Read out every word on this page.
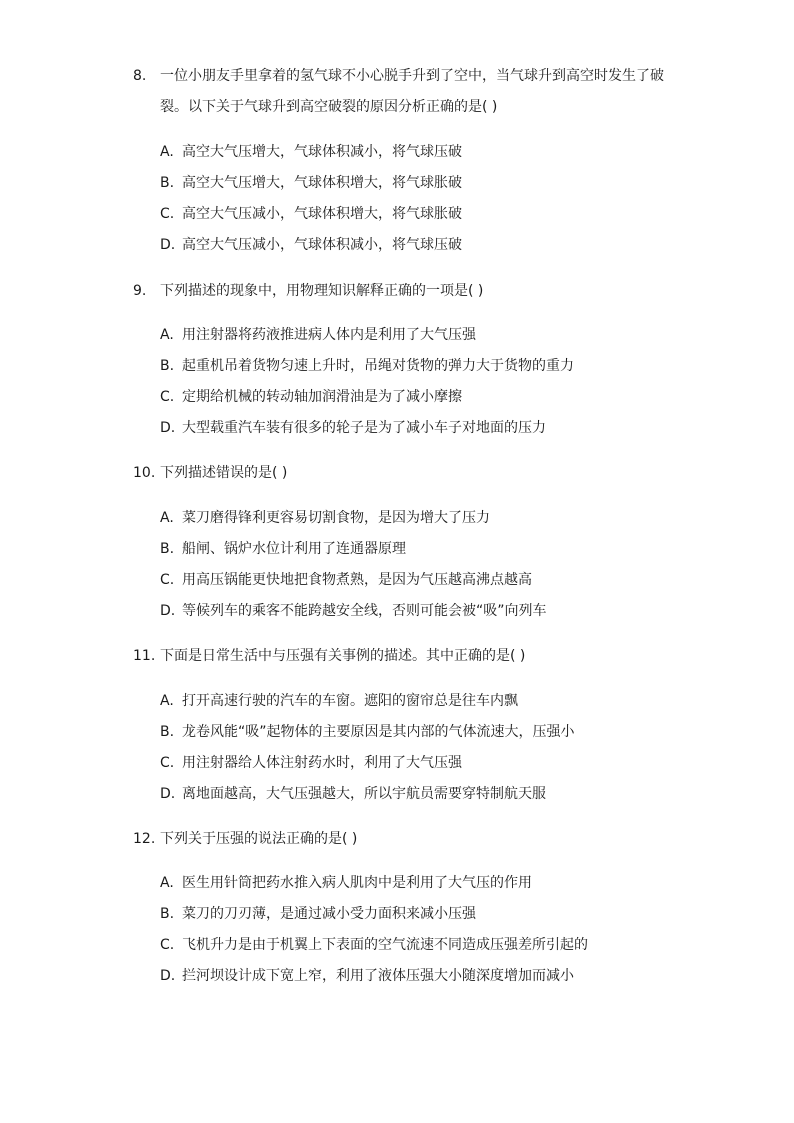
8. 一位小朋友手里拿着的氢气球不小心脱手升到了空中，当气球升到高空时发生了破
裂。以下关于气球升到高空破裂的原因分析正确的是( )
A. 高空大气压增大，气球体积减小，将气球压破
B. 高空大气压增大，气球体积增大，将气球胀破
C. 高空大气压减小，气球体积增大，将气球胀破
D. 高空大气压减小，气球体积减小，将气球压破
9. 下列描述的现象中，用物理知识解释正确的一项是( )
A. 用注射器将药液推进病人体内是利用了大气压强
B. 起重机吊着货物匀速上升时，吊绳对货物的弹力大于货物的重力
C. 定期给机械的转动轴加润滑油是为了减小摩擦
D. 大型载重汽车装有很多的轮子是为了减小车子对地面的压力
10. 下列描述错误的是( )
A. 菜刀磨得锋利更容易切割食物，是因为增大了压力
B. 船闸、锅炉水位计利用了连通器原理
C. 用高压锅能更快地把食物煮熟，是因为气压越高沸点越高
D. 等候列车的乘客不能跨越安全线，否则可能会被“吸”向列车
11. 下面是日常生活中与压强有关事例的描述。其中正确的是( )
A. 打开高速行驶的汽车的车窗。遮阳的窗帘总是往车内飘
B. 龙卷风能“吸”起物体的主要原因是其内部的气体流速大，压强小
C. 用注射器给人体注射药水时，利用了大气压强
D. 离地面越高，大气压强越大，所以宇航员需要穿特制航天服
12. 下列关于压强的说法正确的是( )
A. 医生用针筒把药水推入病人肌肉中是利用了大气压的作用
B. 菜刀的刀刃薄，是通过减小受力面积来减小压强
C. 飞机升力是由于机翼上下表面的空气流速不同造成压强差所引起的
D. 拦河坝设计成下宽上窄，利用了液体压强大小随深度增加而减小
